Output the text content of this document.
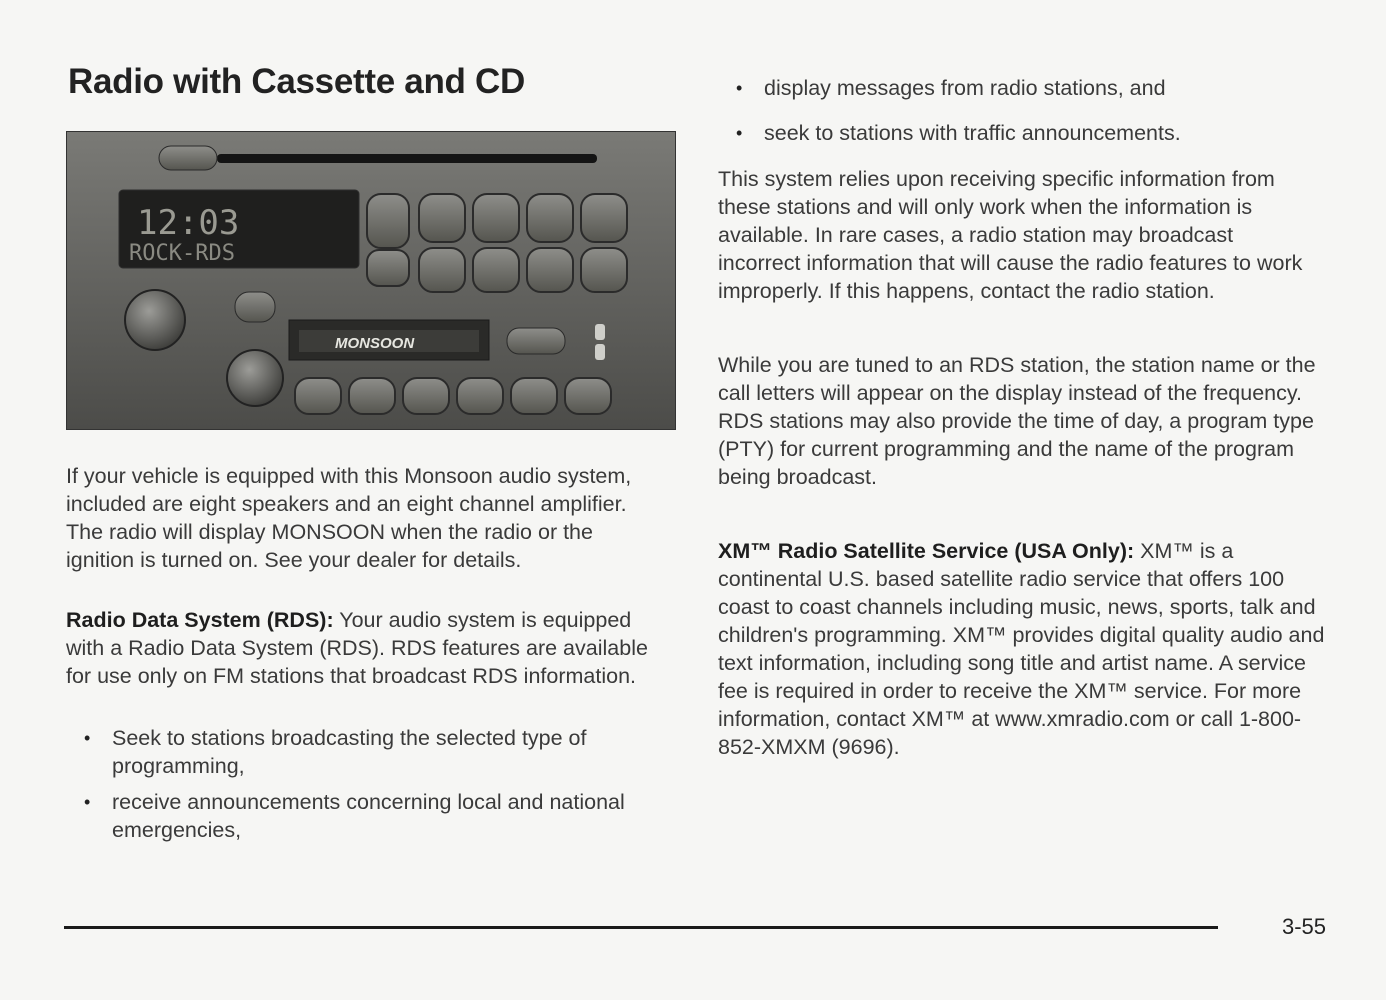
Radio with Cassette and CD
12:03
ROCK-RDS
MONSOON

If your vehicle is equipped with this Monsoon audio system, included are eight speakers and an eight channel amplifier. The radio will display MONSOON when the radio or the ignition is turned on. See your dealer for details.

Radio Data System (RDS): Your audio system is equipped with a Radio Data System (RDS). RDS features are available for use only on FM stations that broadcast RDS information.

• Seek to stations broadcasting the selected type of programming,
• receive announcements concerning local and national emergencies,
• display messages from radio stations, and
• seek to stations with traffic announcements.

This system relies upon receiving specific information from these stations and will only work when the information is available. In rare cases, a radio station may broadcast incorrect information that will cause the radio features to work improperly. If this happens, contact the radio station.

While you are tuned to an RDS station, the station name or the call letters will appear on the display instead of the frequency. RDS stations may also provide the time of day, a program type (PTY) for current programming and the name of the program being broadcast.

XM™ Radio Satellite Service (USA Only): XM™ is a continental U.S. based satellite radio service that offers 100 coast to coast channels including music, news, sports, talk and children's programming. XM™ provides digital quality audio and text information, including song title and artist name. A service fee is required in order to receive the XM™ service. For more information, contact XM™ at www.xmradio.com or call 1-800-852-XMXM (9696).

3-55
